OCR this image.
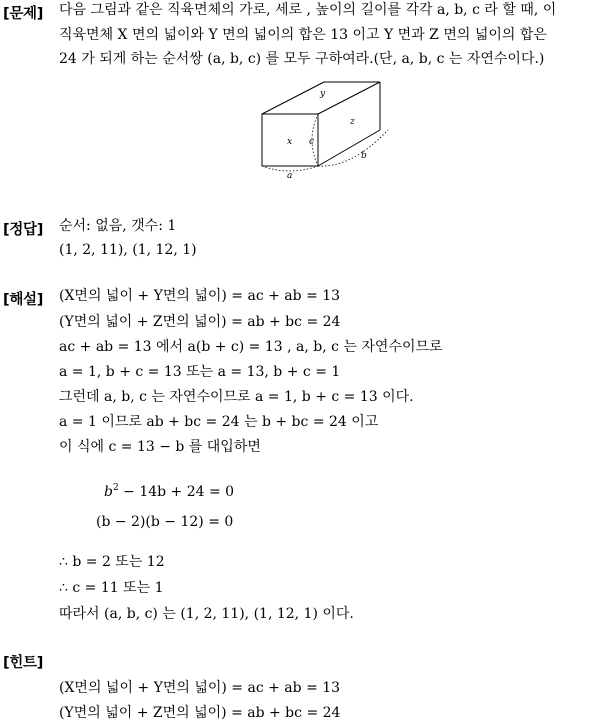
[문제] 다음 그림과 같은 직육면체의 가로, 세로 , 높이의 길이를 각각 a, b, c 라 할 때, 이
직육면체 X 면의 넓이와 Y 면의 넓이의 합은 13 이고 Y 면과 Z 면의 넓이의 합은
24 가 되게 하는 순서쌍 (a, b, c) 를 모두 구하여라.(단, a, b, c 는 자연수이다.)
y
x c
z
b
a
[정답] 순서: 없음, 갯수: 1
(1, 2, 11), (1, 12, 1)
[해설] (X면의 넓이 + Y면의 넓이) = ac + ab = 13
(Y면의 넓이 + Z면의 넓이) = ab + bc = 24
ac + ab = 13 에서 a(b + c) = 13 , a, b, c 는 자연수이므로
a = 1, b + c = 13 또는 a = 13, b + c = 1
그런데 a, b, c 는 자연수이므로 a = 1, b + c = 13 이다.
a = 1 이므로 ab + bc = 24 는 b + bc = 24 이고
이 식에 c = 13 − b 를 대입하면
$b^2 - 14b + 24 = 0$
(b − 2)(b − 12) = 0
∴ b = 2 또는 12
∴ c = 11 또는 1
따라서 (a, b, c) 는 (1, 2, 11), (1, 12, 1) 이다.
[힌트]
(X면의 넓이 + Y면의 넓이) = ac + ab = 13
(Y면의 넓이 + Z면의 넓이) = ab + bc = 24
